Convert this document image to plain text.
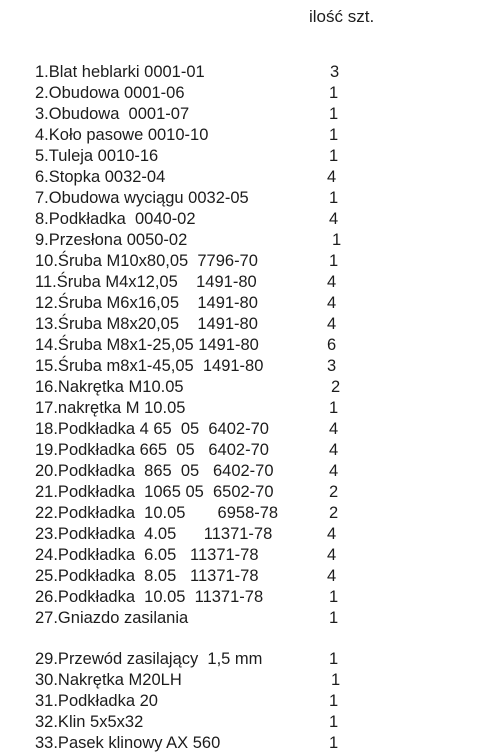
ilość szt.
1.Blat heblarki 0001-01	3
2.Obudowa 0001-06	1
3.Obudowa  0001-07	1
4.Koło pasowe 0010-10	1
5.Tuleja 0010-16	1
6.Stopka 0032-04	4
7.Obudowa wyciągu 0032-05	1
8.Podkładka  0040-02	4
9.Przesłona 0050-02	1
10.Śruba M10x80,05  7796-70	1
11.Śruba M4x12,05    1491-80	4
12.Śruba M6x16,05    1491-80	4
13.Śruba M8x20,05    1491-80	4
14.Śruba M8x1-25,05 1491-80	6
15.Śruba m8x1-45,05  1491-80	3
16.Nakrętka M10.05	2
17.nakrętka M 10.05	1
18.Podkładka 4 65  05  6402-70	4
19.Podkładka 665  05   6402-70	4
20.Podkładka  865  05   6402-70	4
21.Podkładka  1065 05  6502-70	2
22.Podkładka  10.05       6958-78	2
23.Podkładka  4.05      11371-78	4
24.Podkładka  6.05   11371-78	4
25.Podkładka  8.05   11371-78	4
26.Podkładka  10.05  11371-78	1
27.Gniazdo zasilania	1
29.Przewód zasilający  1,5 mm	1
30.Nakrętka M20LH	1
31.Podkładka 20	1
32.Klin 5x5x32	1
33.Pasek klinowy AX 560	1
